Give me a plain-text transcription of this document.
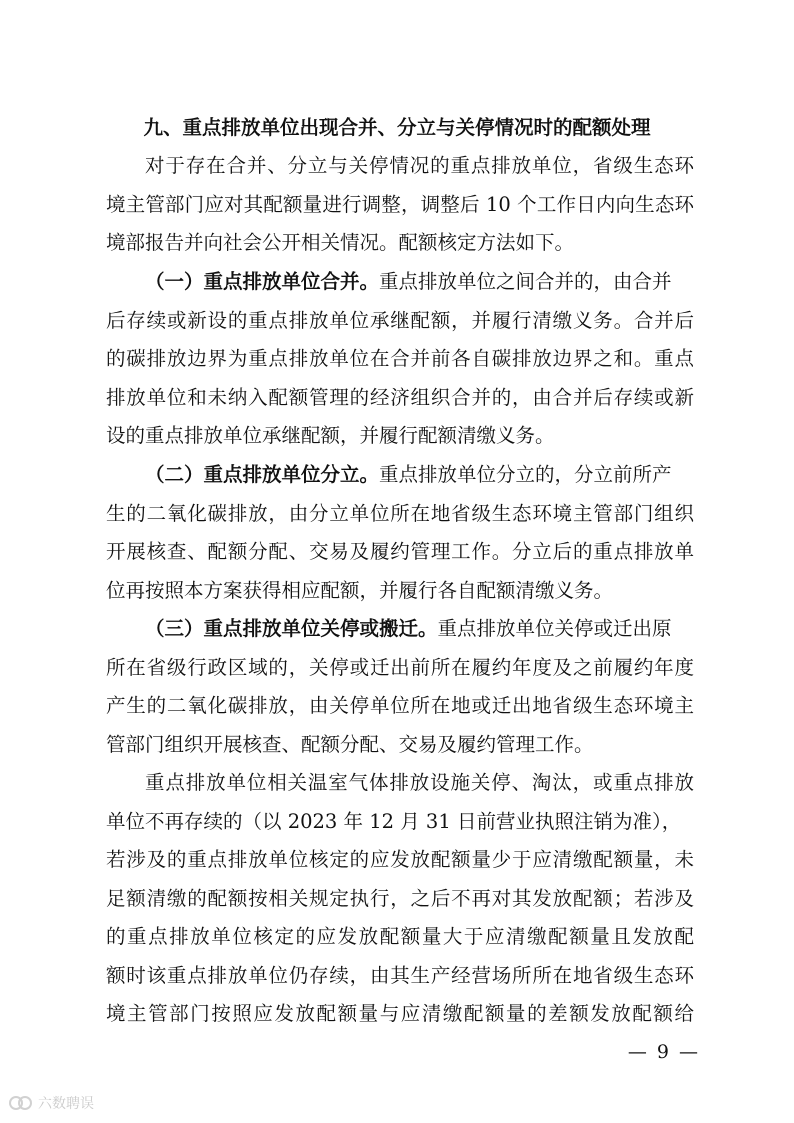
九、重点排放单位出现合并、分立与关停情况时的配额处理
对于存在合并、分立与关停情况的重点排放单位，省级生态环
境主管部门应对其配额量进行调整，调整后 10 个工作日内向生态环
境部报告并向社会公开相关情况。配额核定方法如下。
（一）重点排放单位合并。重点排放单位之间合并的，由合并
后存续或新设的重点排放单位承继配额，并履行清缴义务。合并后
的碳排放边界为重点排放单位在合并前各自碳排放边界之和。重点
排放单位和未纳入配额管理的经济组织合并的，由合并后存续或新
设的重点排放单位承继配额，并履行配额清缴义务。
（二）重点排放单位分立。重点排放单位分立的，分立前所产
生的二氧化碳排放，由分立单位所在地省级生态环境主管部门组织
开展核查、配额分配、交易及履约管理工作。分立后的重点排放单
位再按照本方案获得相应配额，并履行各自配额清缴义务。
（三）重点排放单位关停或搬迁。重点排放单位关停或迁出原
所在省级行政区域的，关停或迁出前所在履约年度及之前履约年度
产生的二氧化碳排放，由关停单位所在地或迁出地省级生态环境主
管部门组织开展核查、配额分配、交易及履约管理工作。
重点排放单位相关温室气体排放设施关停、淘汰，或重点排放
单位不再存续的（以 2023 年 12 月 31 日前营业执照注销为准），
若涉及的重点排放单位核定的应发放配额量少于应清缴配额量，未
足额清缴的配额按相关规定执行，之后不再对其发放配额；若涉及
的重点排放单位核定的应发放配额量大于应清缴配额量且发放配
额时该重点排放单位仍存续，由其生产经营场所所在地省级生态环
境主管部门按照应发放配额量与应清缴配额量的差额发放配额给
— 9 —
六数聘误
